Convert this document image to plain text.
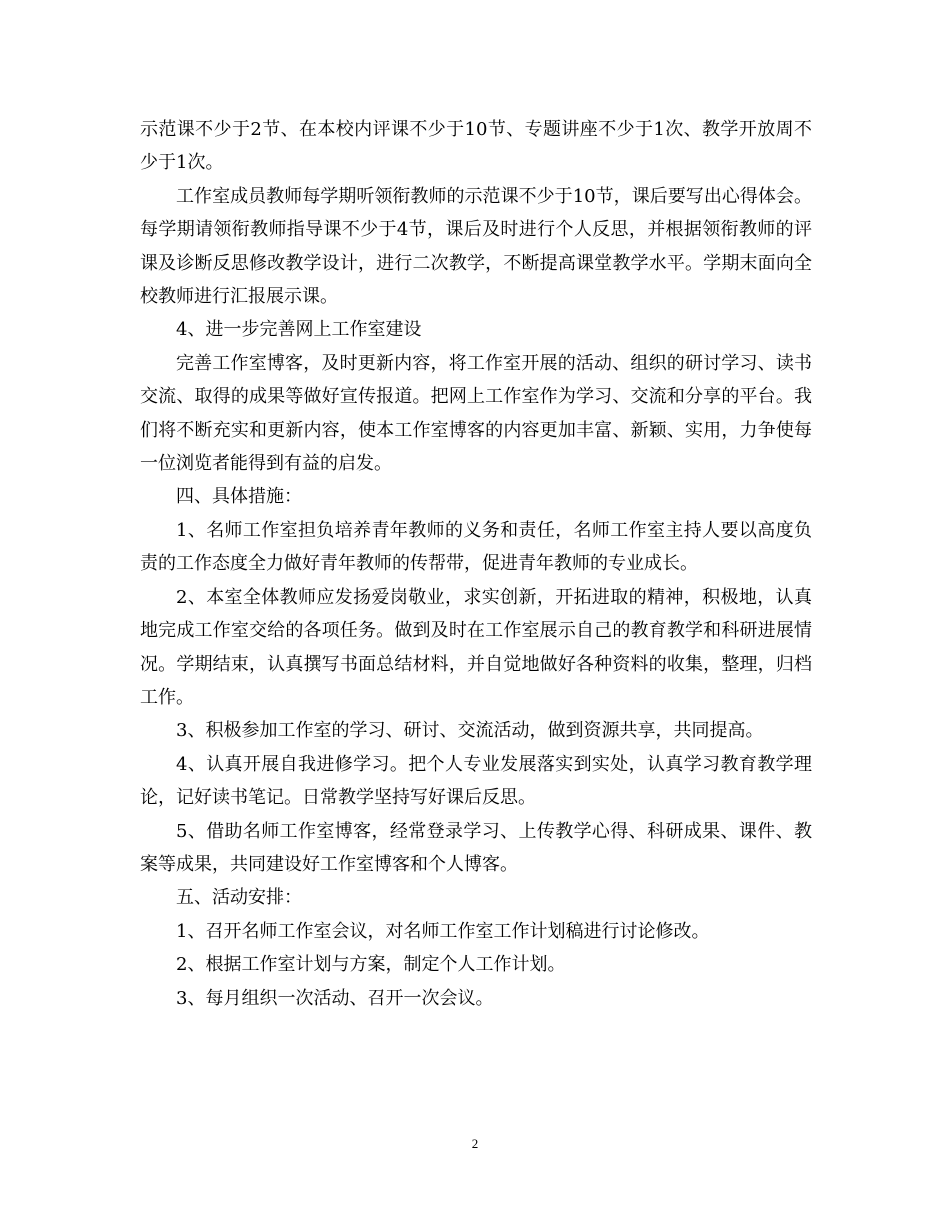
示范课不少于2节、在本校内评课不少于10节、专题讲座不少于1次、教学开放周不少于1次。

工作室成员教师每学期听领衔教师的示范课不少于10节，课后要写出心得体会。每学期请领衔教师指导课不少于4节，课后及时进行个人反思，并根据领衔教师的评课及诊断反思修改教学设计，进行二次教学，不断提高课堂教学水平。学期末面向全校教师进行汇报展示课。

4、进一步完善网上工作室建设

完善工作室博客，及时更新内容，将工作室开展的活动、组织的研讨学习、读书交流、取得的成果等做好宣传报道。把网上工作室作为学习、交流和分享的平台。我们将不断充实和更新内容，使本工作室博客的内容更加丰富、新颖、实用，力争使每一位浏览者能得到有益的启发。

四、具体措施：

1、名师工作室担负培养青年教师的义务和责任，名师工作室主持人要以高度负责的工作态度全力做好青年教师的传帮带，促进青年教师的专业成长。

2、本室全体教师应发扬爱岗敬业，求实创新，开拓进取的精神，积极地，认真地完成工作室交给的各项任务。做到及时在工作室展示自己的教育教学和科研进展情况。学期结束，认真撰写书面总结材料，并自觉地做好各种资料的收集，整理，归档工作。

3、积极参加工作室的学习、研讨、交流活动，做到资源共享，共同提高。

4、认真开展自我进修学习。把个人专业发展落实到实处，认真学习教育教学理论，记好读书笔记。日常教学坚持写好课后反思。

5、借助名师工作室博客，经常登录学习、上传教学心得、科研成果、课件、教案等成果，共同建设好工作室博客和个人博客。

五、活动安排：

1、召开名师工作室会议，对名师工作室工作计划稿进行讨论修改。

2、根据工作室计划与方案，制定个人工作计划。

3、每月组织一次活动、召开一次会议。

2
